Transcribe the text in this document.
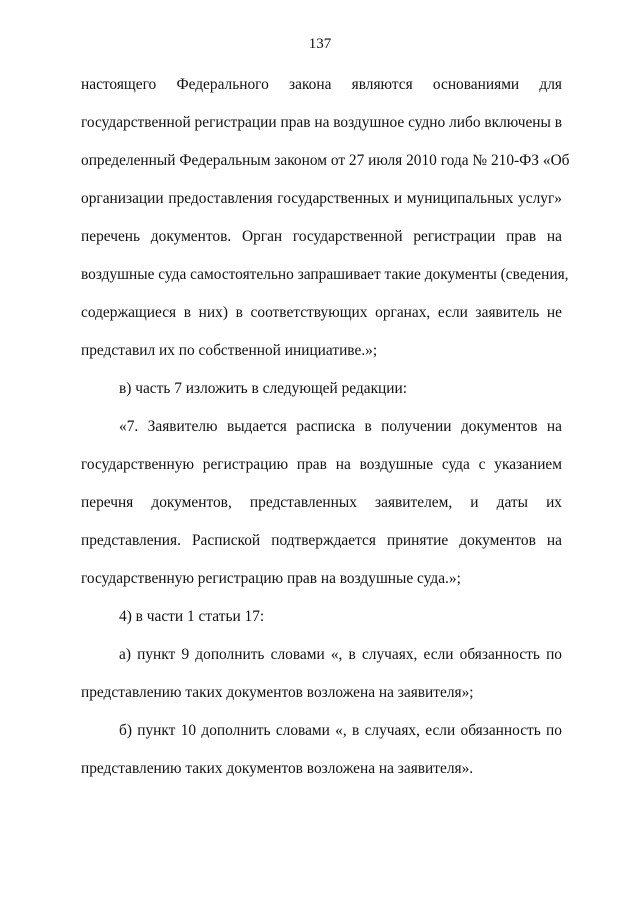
137
настоящего Федерального закона являются основаниями для
государственной регистрации прав на воздушное судно либо включены в
определенный Федеральным законом от 27 июля 2010 года № 210-ФЗ «Об
организации предоставления государственных и муниципальных услуг»
перечень документов. Орган государственной регистрации прав на
воздушные суда самостоятельно запрашивает такие документы (сведения,
содержащиеся в них) в соответствующих органах, если заявитель не
представил их по собственной инициативе.»;
в) часть 7 изложить в следующей редакции:
«7. Заявителю выдается расписка в получении документов на
государственную регистрацию прав на воздушные суда с указанием
перечня документов, представленных заявителем, и даты их
представления. Распиской подтверждается принятие документов на
государственную регистрацию прав на воздушные суда.»;
4) в части 1 статьи 17:
а) пункт 9 дополнить словами «, в случаях, если обязанность по
представлению таких документов возложена на заявителя»;
б) пункт 10 дополнить словами «, в случаях, если обязанность по
представлению таких документов возложена на заявителя».
